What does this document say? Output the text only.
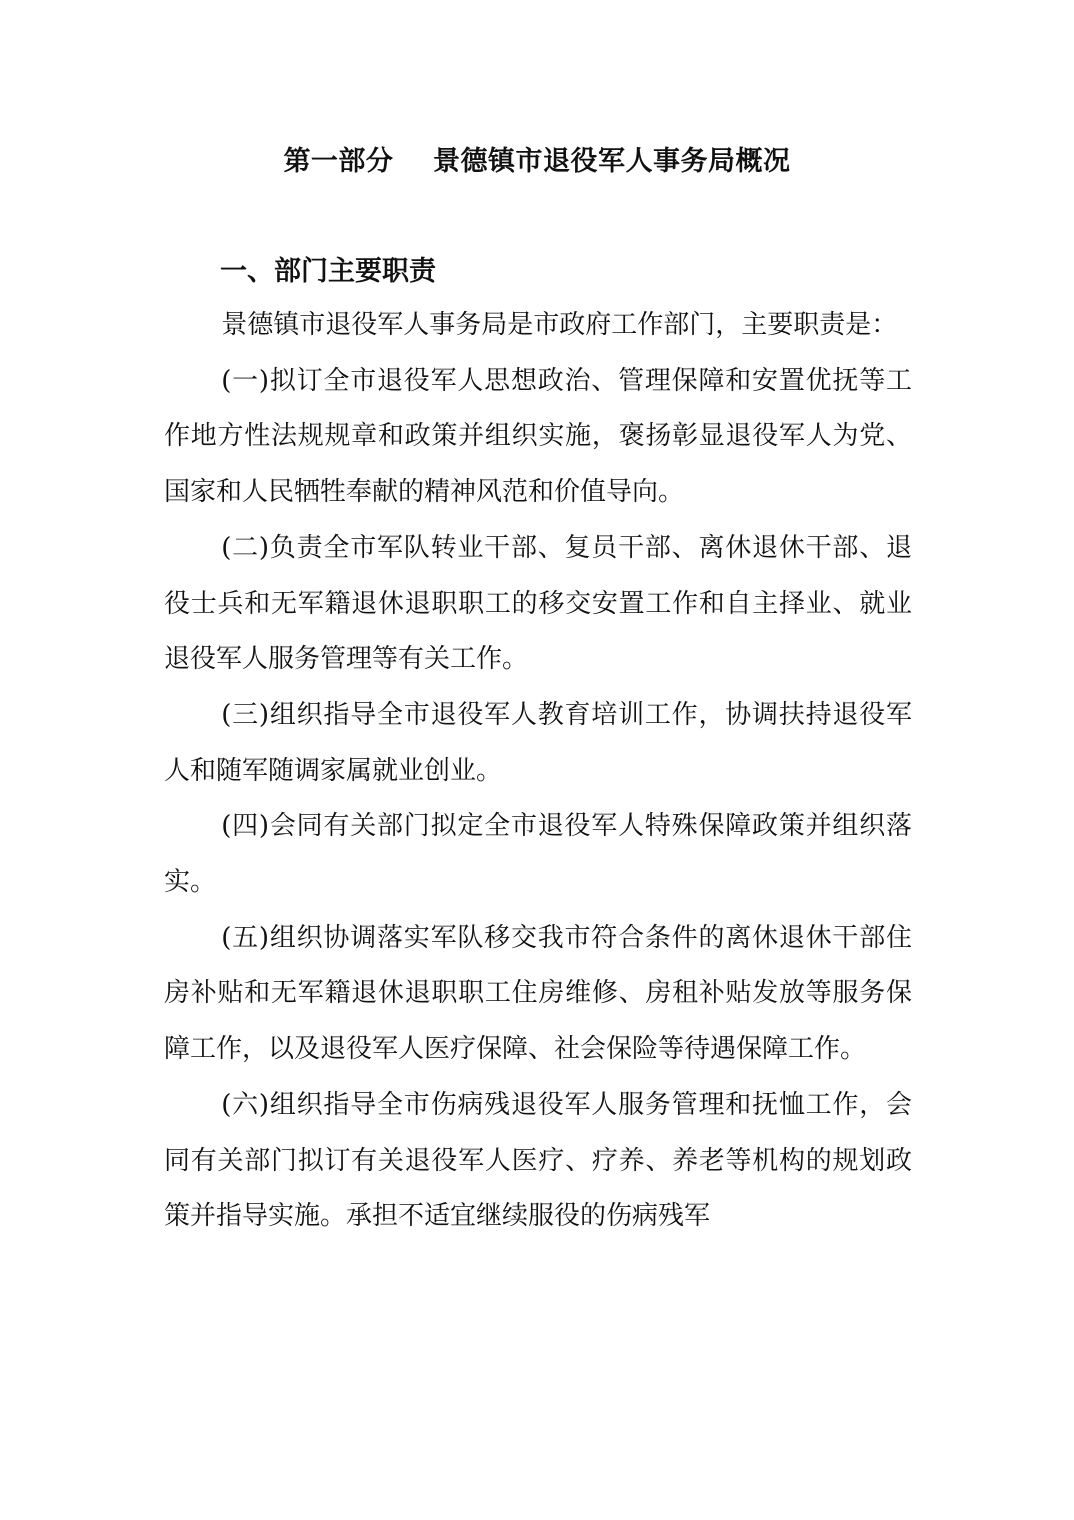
第一部分    景德镇市退役军人事务局概况
一、部门主要职责

景德镇市退役军人事务局是市政府工作部门，主要职责是：

(一)拟订全市退役军人思想政治、管理保障和安置优抚等工作地方性法规规章和政策并组织实施，褒扬彰显退役军人为党、国家和人民牺牲奉献的精神风范和价值导向。

(二)负责全市军队转业干部、复员干部、离休退休干部、退役士兵和无军籍退休退职职工的移交安置工作和自主择业、就业退役军人服务管理等有关工作。

(三)组织指导全市退役军人教育培训工作，协调扶持退役军人和随军随调家属就业创业。

(四)会同有关部门拟定全市退役军人特殊保障政策并组织落实。

(五)组织协调落实军队移交我市符合条件的离休退休干部住房补贴和无军籍退休退职职工住房维修、房租补贴发放等服务保障工作，以及退役军人医疗保障、社会保险等待遇保障工作。

(六)组织指导全市伤病残退役军人服务管理和抚恤工作，会同有关部门拟订有关退役军人医疗、疗养、养老等机构的规划政策并指导实施。承担不适宜继续服役的伤病残军
